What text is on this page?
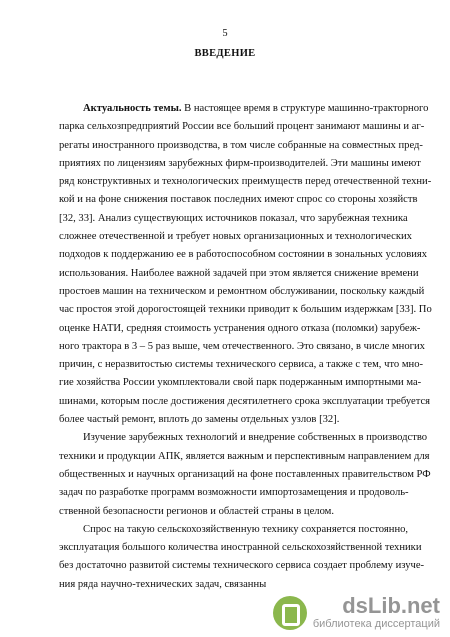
5
ВВЕДЕНИЕ
Актуальность темы. В настоящее время в структуре машинно-тракторного
парка сельхозпредприятий России все больший процент занимают машины и аг-
регаты иностранного производства, в том числе собранные на совместных пред-
приятиях по лицензиям зарубежных фирм-производителей. Эти машины имеют
ряд конструктивных и технологических преимуществ перед отечественной техни-
кой и на фоне снижения поставок последних имеют спрос со стороны хозяйств
[32, 33]. Анализ существующих источников показал, что зарубежная техника
сложнее отечественной и требует новых организационных и технологических
подходов к поддержанию ее в работоспособном состоянии в зональных условиях
использования. Наиболее важной задачей при этом является снижение времени
простоев машин на техническом и ремонтном обслуживании, поскольку каждый
час простоя этой дорогостоящей техники приводит к большим издержкам [33]. По
оценке НАТИ, средняя стоимость устранения одного отказа (поломки) зарубеж-
ного трактора в 3 – 5 раз выше, чем отечественного. Это связано, в числе многих
причин, с неразвитостью системы технического сервиса, а также с тем, что мно-
гие хозяйства России укомплектовали свой парк подержанным импортными ма-
шинами, которым после достижения десятилетнего срока эксплуатации требуется
более частый ремонт, вплоть до замены отдельных узлов [32].
Изучение зарубежных технологий и внедрение собственных в производство
техники и продукции АПК, является важным и перспективным направлением для
общественных и научных организаций на фоне поставленных правительством РФ
задач по разработке программ возможности импортозамещения и продоволь-
ственной безопасности регионов и областей страны в целом.
Спрос на такую сельскохозяйственную технику сохраняется постоянно,
эксплуатация большого количества иностранной сельскохозяйственной техники
без достаточно развитой системы технического сервиса создает проблему изуче-
ния ряда научно-технических задач, связанны
dsLib.net
библиотека диссертаций
